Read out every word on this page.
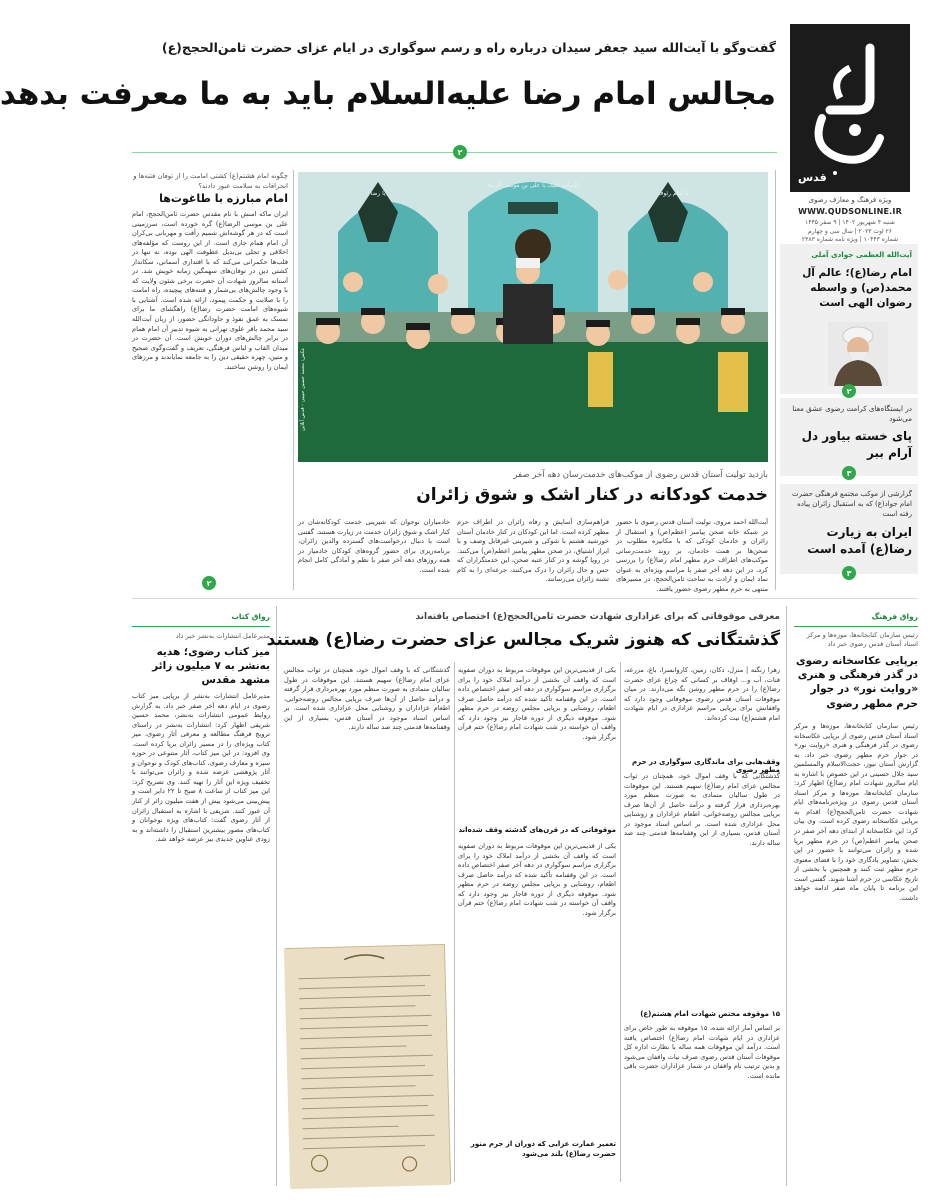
قدس
ویژه فرهنگ و معارف رضوی
WWW.QUDSONLINE.IR
شنبه ۴ شهریور ۱۴۰۲ | ۹ صفر ۱۴۴۵
۲۶ اوت ۲۰۲۳ | سال سی و چهارم
شماره ۱۰۴۴۳ | ویژه نامه شماره ۲۳۸۳
گفت‌وگو با آیت‌الله سید جعفر سیدان درباره راه و رسم سوگواری در ایام عزای حضرت ثامن‌الحجج(ع)
مجالس امام رضا علیه‌السلام باید به ما معرفت بدهد
۲
چگونه امام هشتم(ع) کشتی امامت را از توفان فتنه‌ها و انحرافات به سلامت عبور دادند؟
امام مبارزه با طاغوت‌ها
ایران ماکه امنش با نام مقدس حضرت ثامن‌الحجج، امام علی بن موسی الرضا(ع) گره خورده است، سرزمینی است که در هر گوشه‌اش شمیم رأفت و مهربانی بی‌کران آن امام همام جاری است. از این روست که مؤلفه‌های اخلاقی و تجلی بی‌بدیل عطوفت الهی بوده، نه تنها در قلب‌ها حکمرانی می‌کند که با اقتداری آسمانی، سکاندار کشتی دین در توفان‌های سهمگین زمانه خویش شد. در آستانه سالروز شهادت آن حضرت برخی شئون ولایت که با وجود چالش‌های بی‌شمار و فتنه‌های پیچیده، راه امامت را با صلابت و حکمت پیمود، ارائه شده است. آشنایی با شیوه‌های امامت حضرت رضا(ع) راهگشای ما برای تمسک به عمق نفوذ و جاودانگی حضور، از زبان آیت‌الله سید محمد باقر علوی تهرانی به شیوه تدبیر آن امام همام در برابر چالش‌های دوران خویش است. آن حضرت در میدان القاب و لباس فرهنگی، تعریف و گفت‌وگوی صحیح و متین، چهره حقیقی دین را به جامعه نمایاندند و مرزهای ایمان را روشن ساختند.
۲
السلام علیک یا علی بن موسی الرضا
یا رضا	یا امام رئوف
عکس: محمد حسین حبیبی - قدس آنلاین
بازدید تولیت آستان قدس رضوی از موکب‌های خدمت‌رسان دهه آخر صفر
خدمت کودکانه در کنار اشک و شوق زائران
آیت‌الله احمد مروی، تولیت آستان قدس رضوی با حضور در شبکه خانه صحن پیامبر اعظم(ص) و استقبال از زائران و خادمان کودکی که با مکانیزه مطلوب در صحن‌ها بر همت خادمان، بر روند خدمت‌رسانی موکب‌های اطراف حرم مطهر امام رضا(ع) را بررسی کرد. در این دهه آخر صفر با مراسم ویژه‌ای به عنوان نماد ایمان و ارادت به ساحت ثامن‌الحجج، در مسیرهای منتهی به حرم مطهر رضوی حضور یافتند.
فراهم‌سازی آسایش و رفاه زائران در اطراف حرم مطهر کرده است. اما این کودکان در کنار خادمان آستان خورشید هشتم با شوکی و شیرینی غیرقابل وصف و با ابراز اشتیاق، در صحن مطهر پیامبر اعظم(ص) می‌کنند. در رویا گوشه و در کنار عتبه صحن، این خدمتگزاران که حس و حال زائران را درک می‌کنند، جرعه‌ای را به کام تشنه زائران می‌رسانند.
خادمیاران نوجوان که شیرینی خدمت کودکانه‌شان در کنار اشک و شوق زائران خدمت در زیارت هستند. گفتنی است با دنبال درخواست‌های گسترده والدین زائران، برنامه‌ریزی برای حضور گروه‌های کودکان خادمیار در همه روزهای دهه آخر صفر با نظم و آمادگی کامل انجام شده است.
آیت‌الله العظمی جوادی آملی
امام رضا(ع)؛ عالم آل محمد(ص) و واسطه رضوان الهی است
۲
در ایستگاه‌های کرامت رضوی عشق معنا می‌شود
پای خسته بیاور دل آرام ببر
۳
گزارشی از موکب مجتمع فرهنگی حضرت امام جواد(ع) که به استقبال زائران پیاده رفته است
ایران به زیارت رضا(ع) آمده است
۳
رواق فرهنگ
رئیس سازمان کتابخانه‌ها، موزه‌ها و مرکز اسناد آستان قدس رضوی خبر داد
برپایی عکاسخانه رضوی در گذر فرهنگی و هنری «روایت نور» در جوار حرم مطهر رضوی
رئیس سازمان کتابخانه‌ها، موزه‌ها و مرکز اسناد آستان قدس رضوی از برپایی عکاسخانه رضوی در گذر فرهنگی و هنری «روایت نور» در جوار حرم مطهر رضوی خبر داد. به گزارش آستان نیوز، حجت‌الاسلام والمسلمین سید جلال حسینی در این خصوص با اشاره به ایام سالروز شهادت امام رضا(ع) اظهار کرد: سازمان کتابخانه‌ها، موزه‌ها و مرکز اسناد آستان قدس رضوی در ویژه‌برنامه‌های ایام شهادت حضرت ثامن‌الحجج(ع) اقدام به برپایی عکاسخانه رضوی کرده است. وی بیان کرد: این عکاسخانه از ابتدای دهه آخر صفر در صحن پیامبر اعظم(ص) در حرم مطهر برپا شده و زائران می‌توانند با حضور در این بخش، تصاویر یادگاری خود را با فضای معنوی حرم مطهر ثبت کنند و همچنین با بخشی از تاریخ عکاسی در حرم آشنا شوند. گفتنی است این برنامه تا پایان ماه صفر ادامه خواهد داشت.
رواق کتاب
مدیرعامل انتشارات به‌نشر خبر داد
میز کتاب رضوی؛ هدیه به‌نشر به ۷ میلیون زائر مشهد مقدس
مدیرعامل انتشارات به‌نشر از برپایی میز کتاب رضوی در ایام دهه آخر صفر خبر داد. به گزارش روابط عمومی انتشارات به‌نشر، محمد حسین شریفی اظهار کرد: انتشارات به‌نشر در راستای ترویج فرهنگ مطالعه و معرفی آثار رضوی، میز کتاب ویژه‌ای را در مسیر زائران برپا کرده است. وی افزود: در این میز کتاب، آثار متنوعی در حوزه سیره و معارف رضوی، کتاب‌های کودک و نوجوان و آثار پژوهشی عرضه شده و زائران می‌توانند با تخفیف ویژه این آثار را تهیه کنند. وی تصریح کرد: این میز کتاب از ساعت ۸ صبح تا ۲۲ دایر است و پیش‌بینی می‌شود بیش از هفت میلیون زائر از کنار آن عبور کنند. شریفی با اشاره به استقبال زائران از آثار رضوی گفت: کتاب‌های ویژه نوجوانان و کتاب‌های مصور بیشترین استقبال را داشته‌اند و به زودی عناوین جدیدی نیز عرضه خواهد شد.
معرفی موقوفاتی که برای عزاداری شهادت حضرت ثامن‌الحجج(ع) اختصاص یافته‌اند
گذشتگانی که هنوز شریک مجالس عزای حضرت رضا(ع) هستند
زهرا زنگنه | منزل، دکان، زمین، کاروانسرا، باغ، مزرعه، قنات، آب و... اوقاف بر کسانی که چراغ عزای حضرت رضا(ع) را در حرم مطهر روشن نگه می‌دارند. در میان موقوفات آستان قدس رضوی موقوفاتی وجود دارد که واقفانش برای برپایی مراسم عزاداری در ایام شهادت امام هشتم(ع) نیت کرده‌اند.
وقف‌هایی برای ماندگاری سوگواری در حرم مطهر رضوی
گذشتگانی که با وقف اموال خود، همچنان در ثواب مجالس عزای امام رضا(ع) سهیم هستند. این موقوفات در طول سالیان متمادی به صورت منظم مورد بهره‌برداری قرار گرفته و درآمد حاصل از آن‌ها صرف برپایی مجالس روضه‌خوانی، اطعام عزاداران و روشنایی محل عزاداری شده است. بر اساس اسناد موجود در آستان قدس، بسیاری از این وقفنامه‌ها قدمتی چند صد ساله دارند.
۱۵ موقوفه مختص شهادت امام هشتم(ع)
بر اساس آمار ارائه شده، ۱۵ موقوفه به طور خاص برای عزاداری در ایام شهادت امام رضا(ع) اختصاص یافته است. درآمد این موقوفات همه ساله با نظارت اداره کل موقوفات آستان قدس رضوی صرف نیات واقفان می‌شود و بدین ترتیب نام واقفان در شمار عزاداران حضرت باقی مانده است.
موقوفاتی که در قرن‌های گذشته وقف شده‌اند
یکی از قدیمی‌ترین این موقوفات مربوط به دوران صفویه است که واقف آن بخشی از درآمد املاک خود را برای برگزاری مراسم سوگواری در دهه آخر صفر اختصاص داده است. در این وقفنامه تأکید شده که درآمد حاصل صرف اطعام، روشنایی و برپایی مجلس روضه در حرم مطهر شود. موقوفه دیگری از دوره قاجار نیز وجود دارد که واقف آن خواسته در شب شهادت امام رضا(ع) ختم قرآن برگزار شود.
یکی از قدیمی‌ترین این موقوفات مربوط به دوران صفویه است که واقف آن بخشی از درآمد املاک خود را برای برگزاری مراسم سوگواری در دهه آخر صفر اختصاص داده است. در این وقفنامه تأکید شده که درآمد حاصل صرف اطعام، روشنایی و برپایی مجلس روضه در حرم مطهر شود. موقوفه دیگری از دوره قاجار نیز وجود دارد که واقف آن خواسته در شب شهادت امام رضا(ع) ختم قرآن برگزار شود.
تعمیر عمارت عزایی که دوران از حرم منور حضرت رضا(ع) بلند می‌شود
گذشتگانی که با وقف اموال خود، همچنان در ثواب مجالس عزای امام رضا(ع) سهیم هستند. این موقوفات در طول سالیان متمادی به صورت منظم مورد بهره‌برداری قرار گرفته و درآمد حاصل از آن‌ها صرف برپایی مجالس روضه‌خوانی، اطعام عزاداران و روشنایی محل عزاداری شده است. بر اساس اسناد موجود در آستان قدس، بسیاری از این وقفنامه‌ها قدمتی چند صد ساله دارند.
